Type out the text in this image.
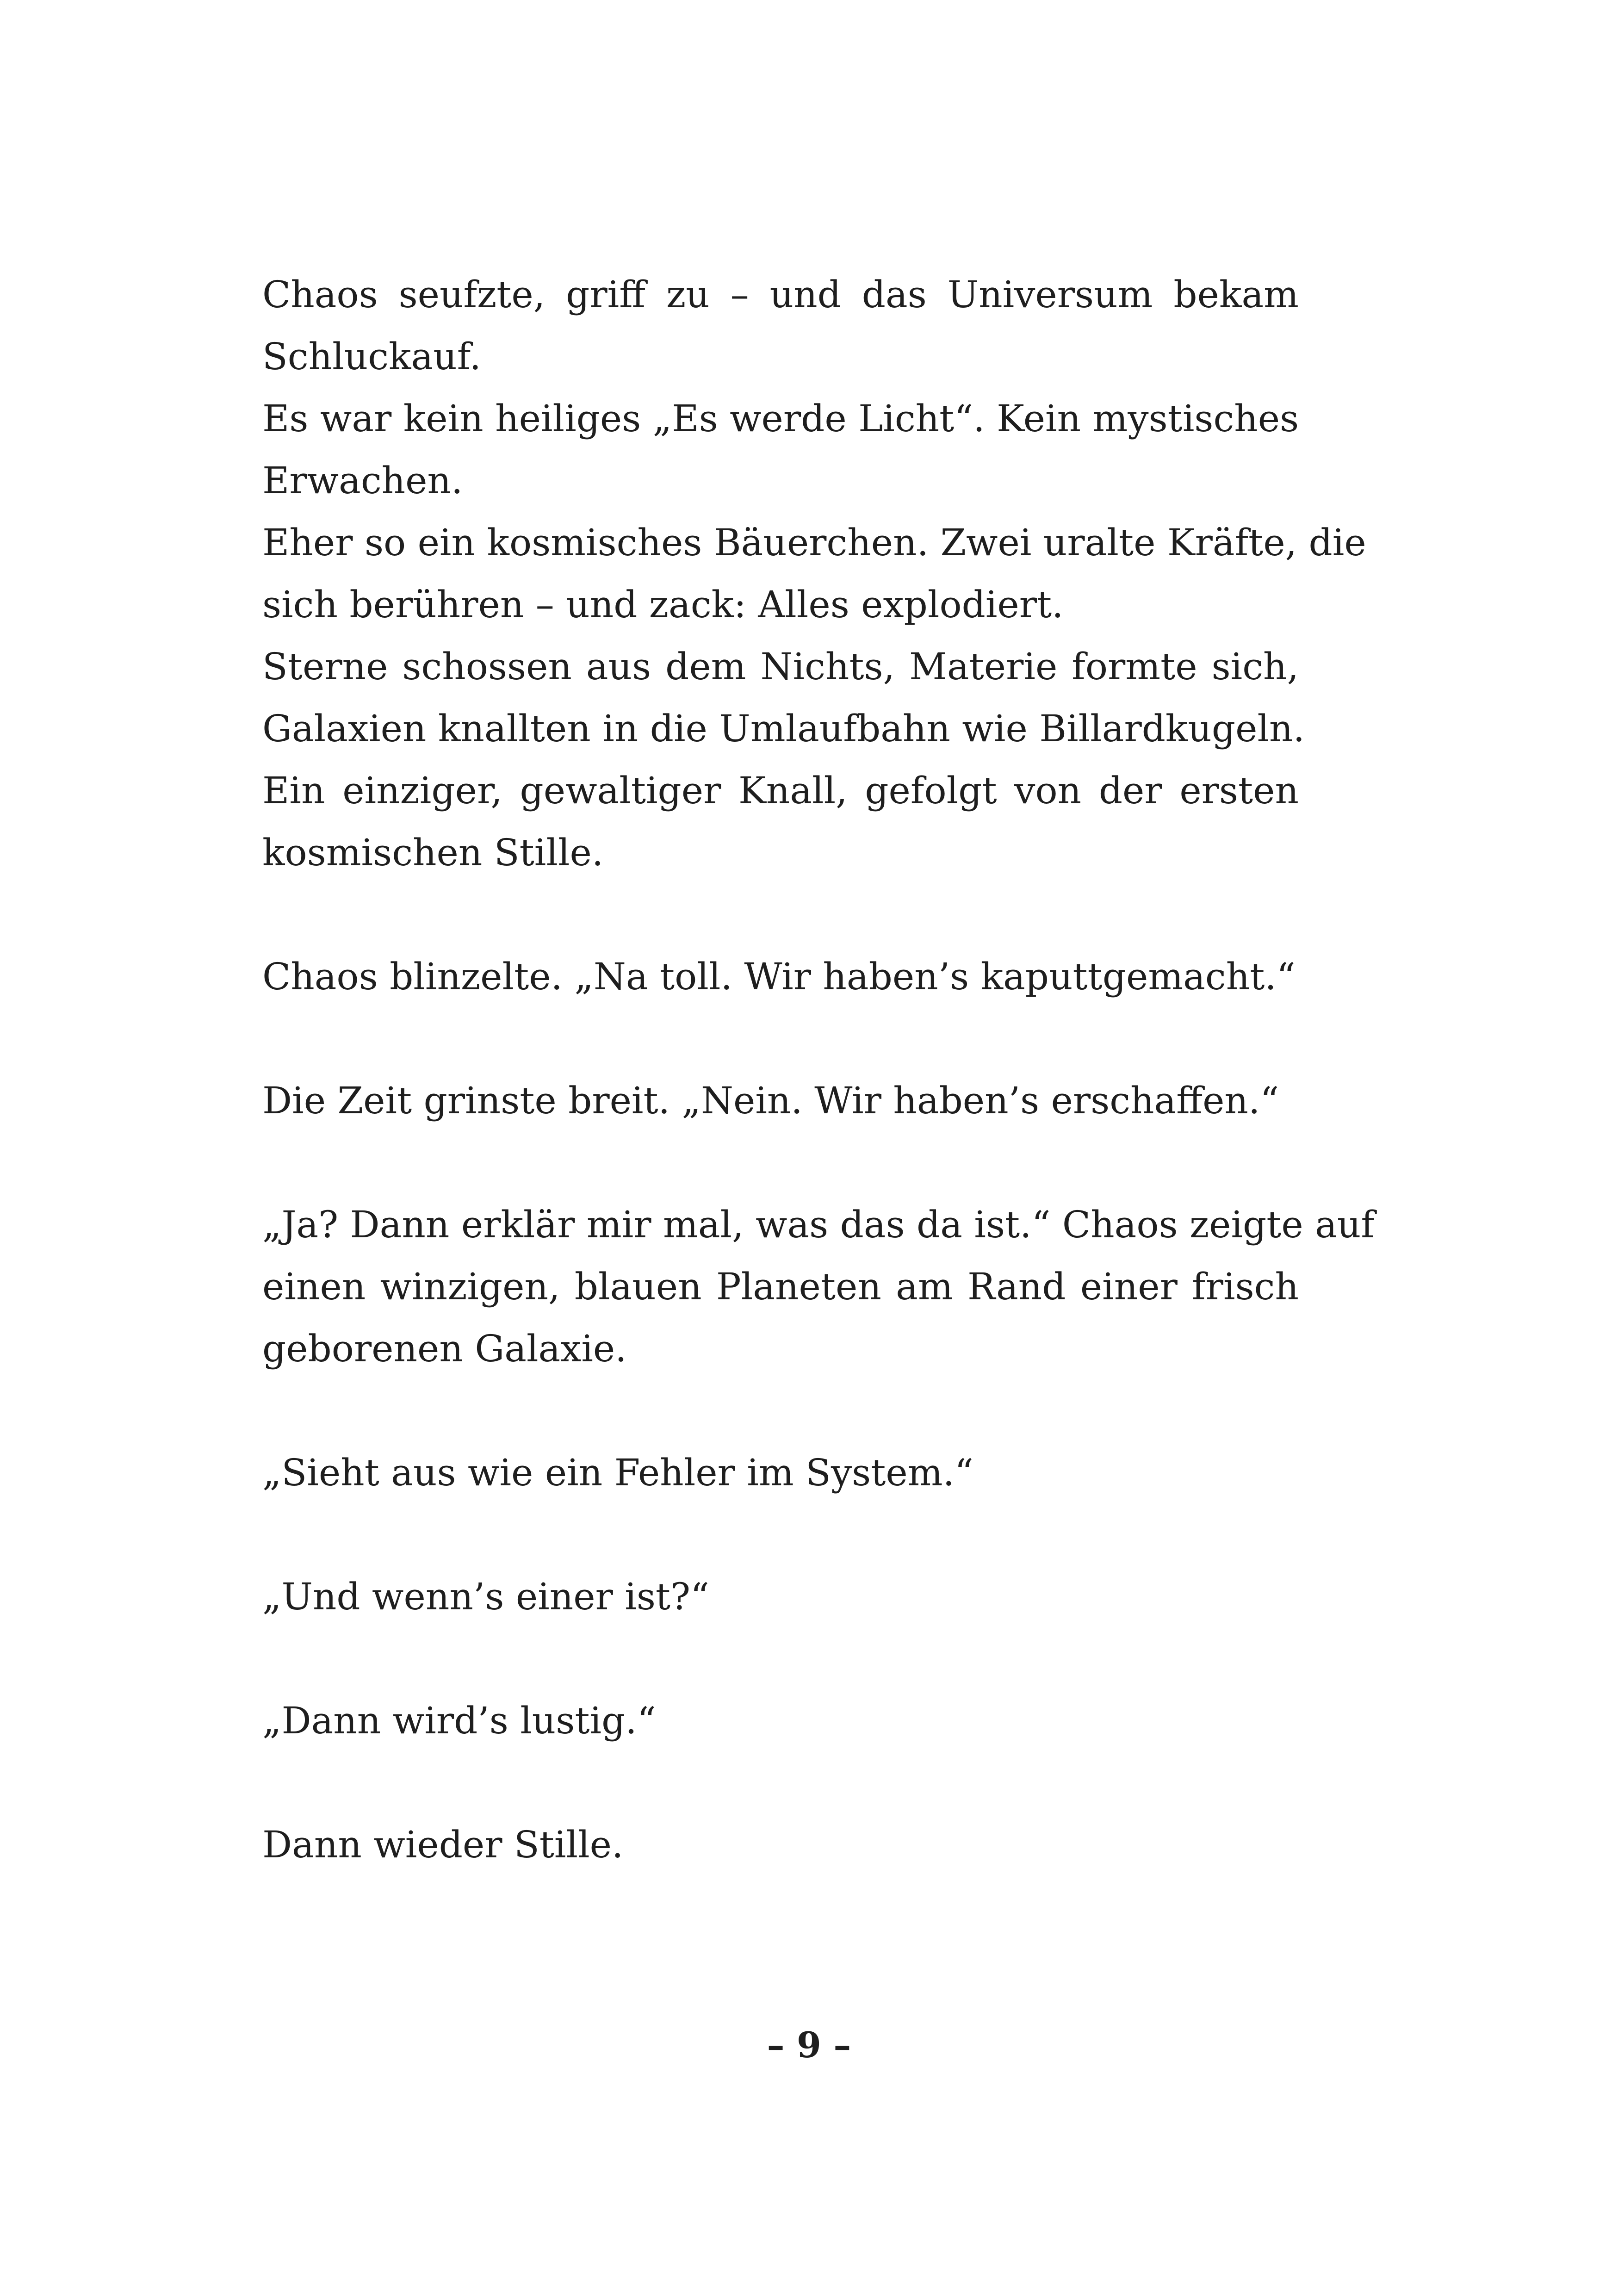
Chaos seufzte, griff zu – und das Universum bekam
Schluckauf.
Es war kein heiliges „Es werde Licht“. Kein mystisches
Erwachen.
Eher so ein kosmisches Bäuerchen. Zwei uralte Kräfte, die
sich berühren – und zack: Alles explodiert.
Sterne schossen aus dem Nichts, Materie formte sich,
Galaxien knallten in die Umlaufbahn wie Billardkugeln.
Ein einziger, gewaltiger Knall, gefolgt von der ersten
kosmischen Stille.
Chaos blinzelte. „Na toll. Wir haben’s kaputtgemacht.“
Die Zeit grinste breit. „Nein. Wir haben’s erschaffen.“
„Ja? Dann erklär mir mal, was das da ist.“ Chaos zeigte auf
einen winzigen, blauen Planeten am Rand einer frisch
geborenen Galaxie.
„Sieht aus wie ein Fehler im System.“
„Und wenn’s einer ist?“
„Dann wird’s lustig.“
Dann wieder Stille.
– 9 –
